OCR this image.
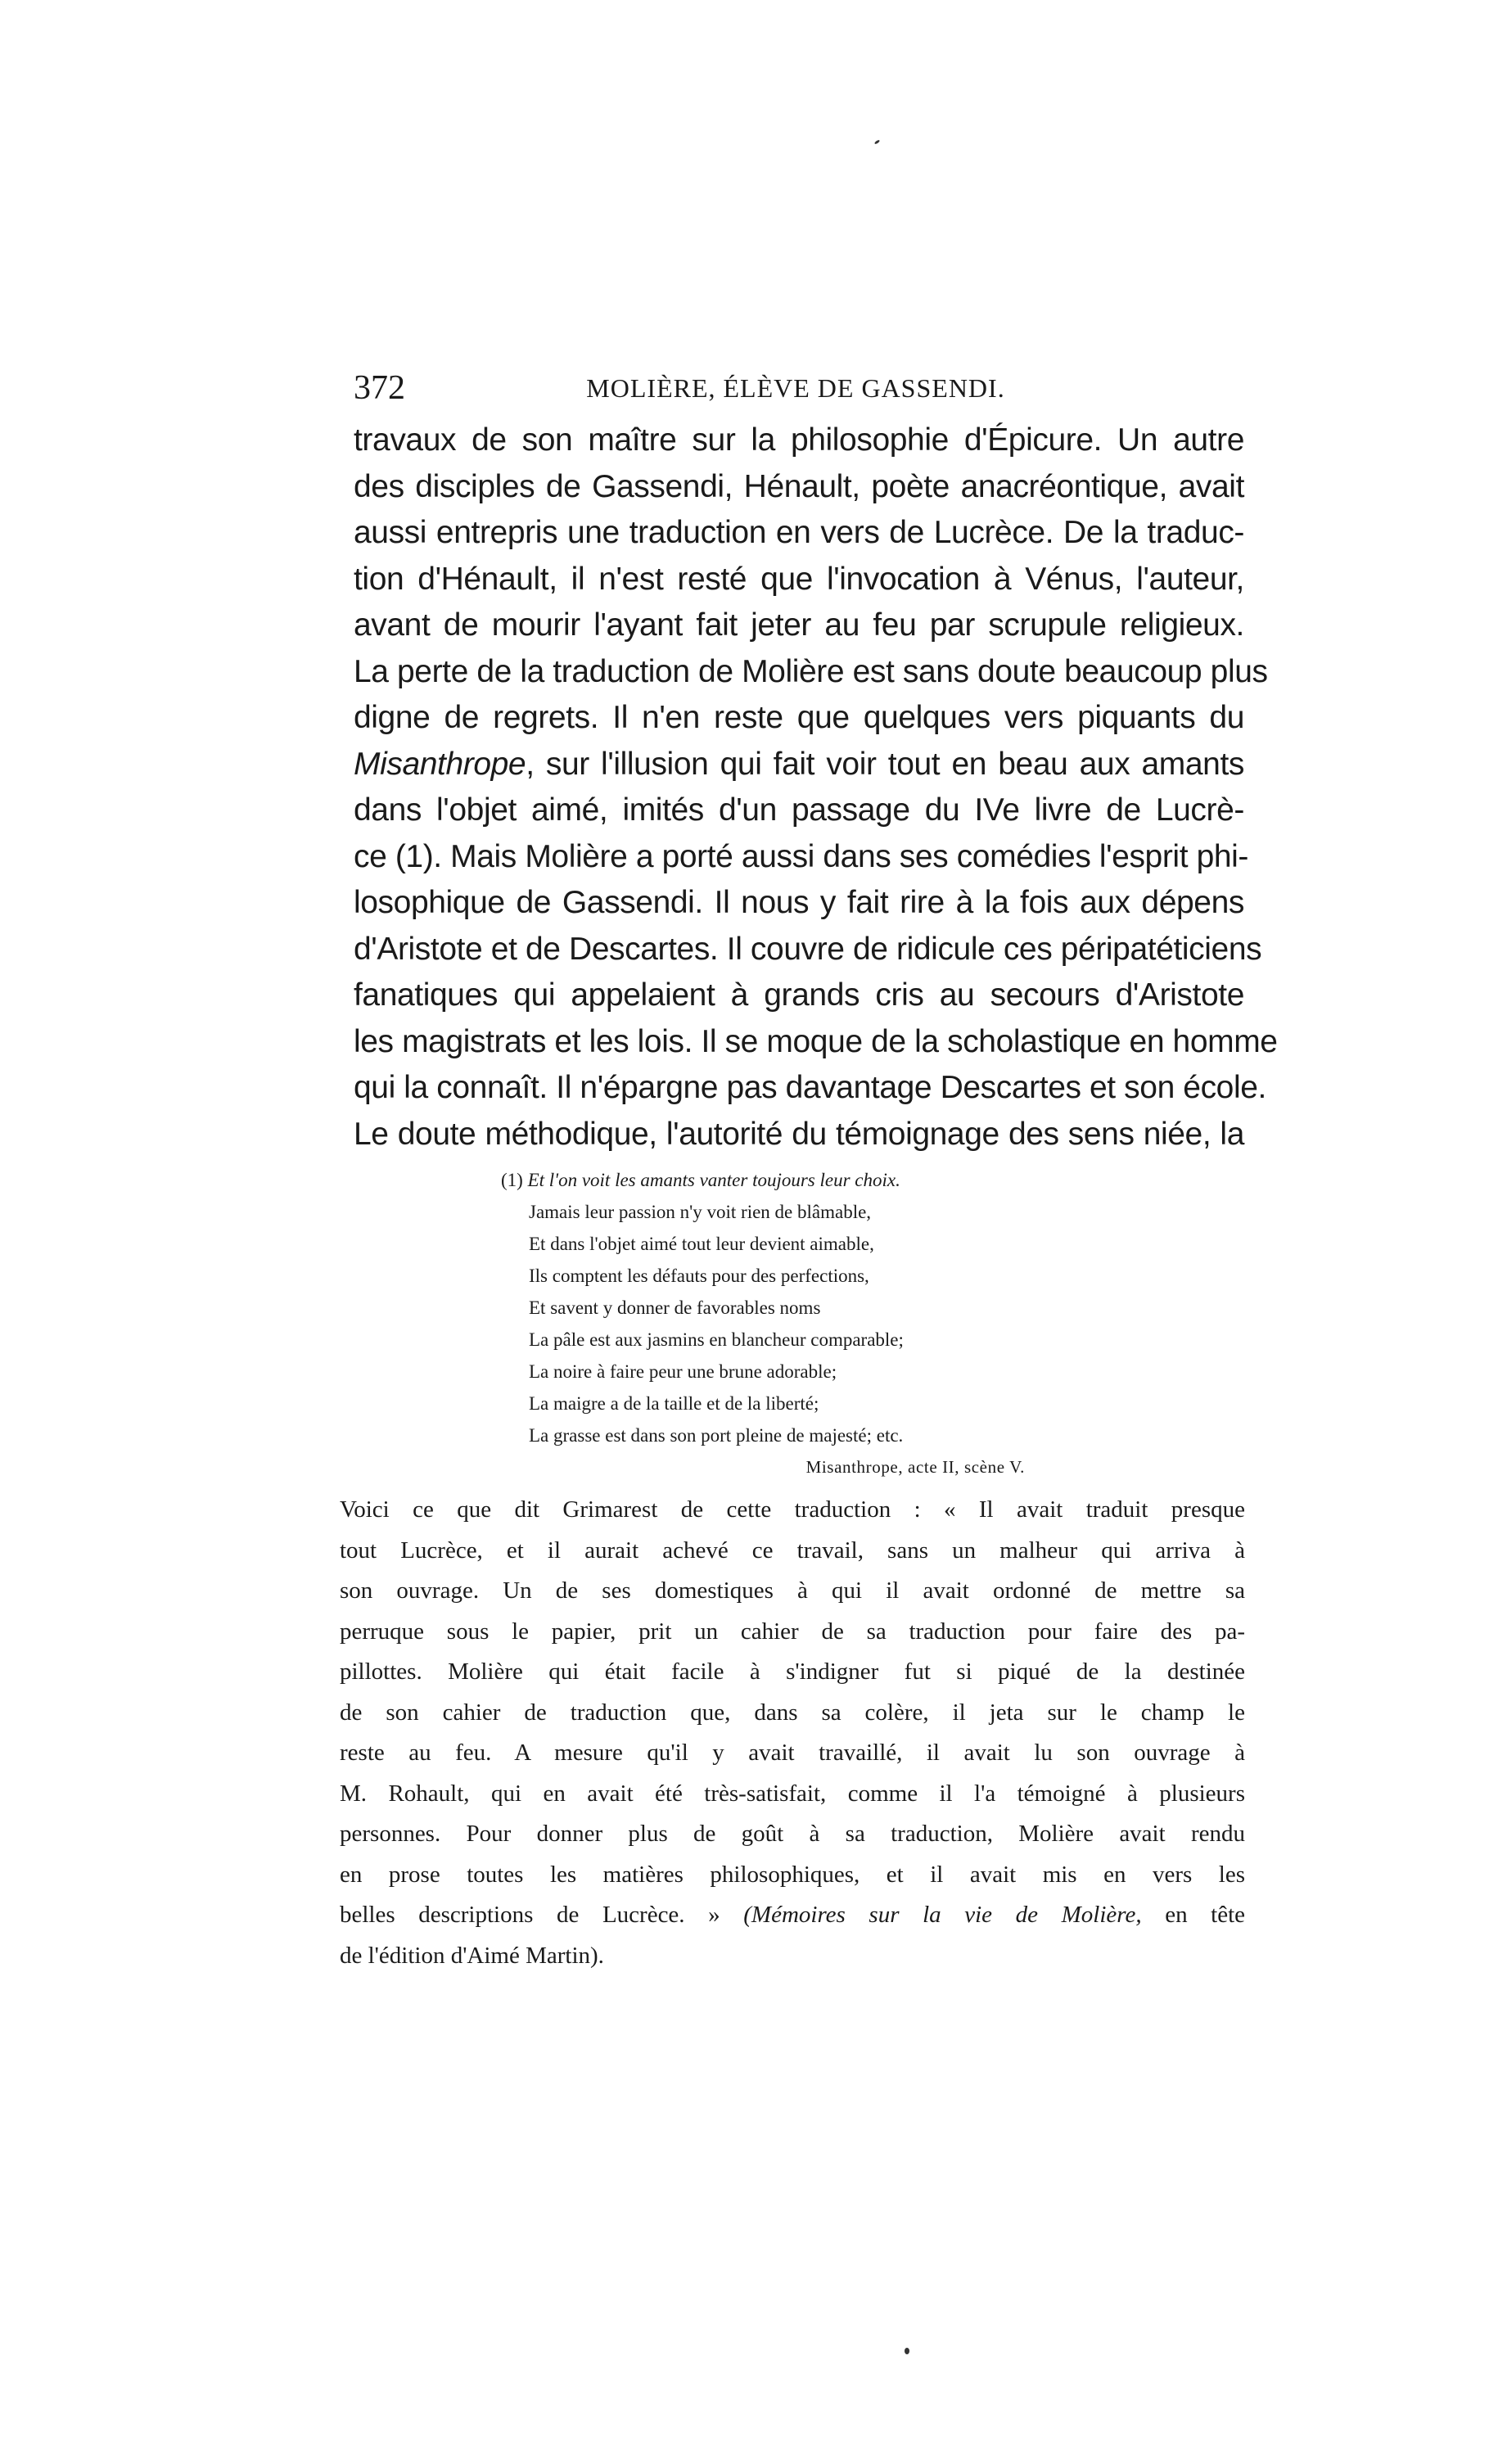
372	MOLIÈRE, ÉLÈVE DE GASSENDI.
travaux de son maître sur la philosophie d'Épicure. Un autre
des disciples de Gassendi, Hénault, poète anacréontique, avait
aussi entrepris une traduction en vers de Lucrèce. De la traduc-
tion d'Hénault, il n'est resté que l'invocation à Vénus, l'auteur,
avant de mourir l'ayant fait jeter au feu par scrupule religieux.
La perte de la traduction de Molière est sans doute beaucoup plus
digne de regrets. Il n'en reste que quelques vers piquants du
Misanthrope, sur l'illusion qui fait voir tout en beau aux amants
dans l'objet aimé, imités d'un passage du IVe livre de Lucrè-
ce (1). Mais Molière a porté aussi dans ses comédies l'esprit phi-
losophique de Gassendi. Il nous y fait rire à la fois aux dépens
d'Aristote et de Descartes. Il couvre de ridicule ces péripatéticiens
fanatiques qui appelaient à grands cris au secours d'Aristote
les magistrats et les lois. Il se moque de la scholastique en homme
qui la connaît. Il n'épargne pas davantage Descartes et son école.
Le doute méthodique, l'autorité du témoignage des sens niée, la
(1) Et l'on voit les amants vanter toujours leur choix.
Jamais leur passion n'y voit rien de blâmable,
Et dans l'objet aimé tout leur devient aimable,
Ils comptent les défauts pour des perfections,
Et savent y donner de favorables noms
La pâle est aux jasmins en blancheur comparable;
La noire à faire peur une brune adorable;
La maigre a de la taille et de la liberté;
La grasse est dans son port pleine de majesté; etc.
Misanthrope, acte II, scène V.
Voici ce que dit Grimarest de cette traduction : « Il avait traduit presque
tout Lucrèce, et il aurait achevé ce travail, sans un malheur qui arriva à
son ouvrage. Un de ses domestiques à qui il avait ordonné de mettre sa
perruque sous le papier, prit un cahier de sa traduction pour faire des pa-
pillottes. Molière qui était facile à s'indigner fut si piqué de la destinée
de son cahier de traduction que, dans sa colère, il jeta sur le champ le
reste au feu. A mesure qu'il y avait travaillé, il avait lu son ouvrage à
M. Rohault, qui en avait été très-satisfait, comme il l'a témoigné à plusieurs
personnes. Pour donner plus de goût à sa traduction, Molière avait rendu
en prose toutes les matières philosophiques, et il avait mis en vers les
belles descriptions de Lucrèce. » (Mémoires sur la vie de Molière, en tête
de l'édition d'Aimé Martin).
